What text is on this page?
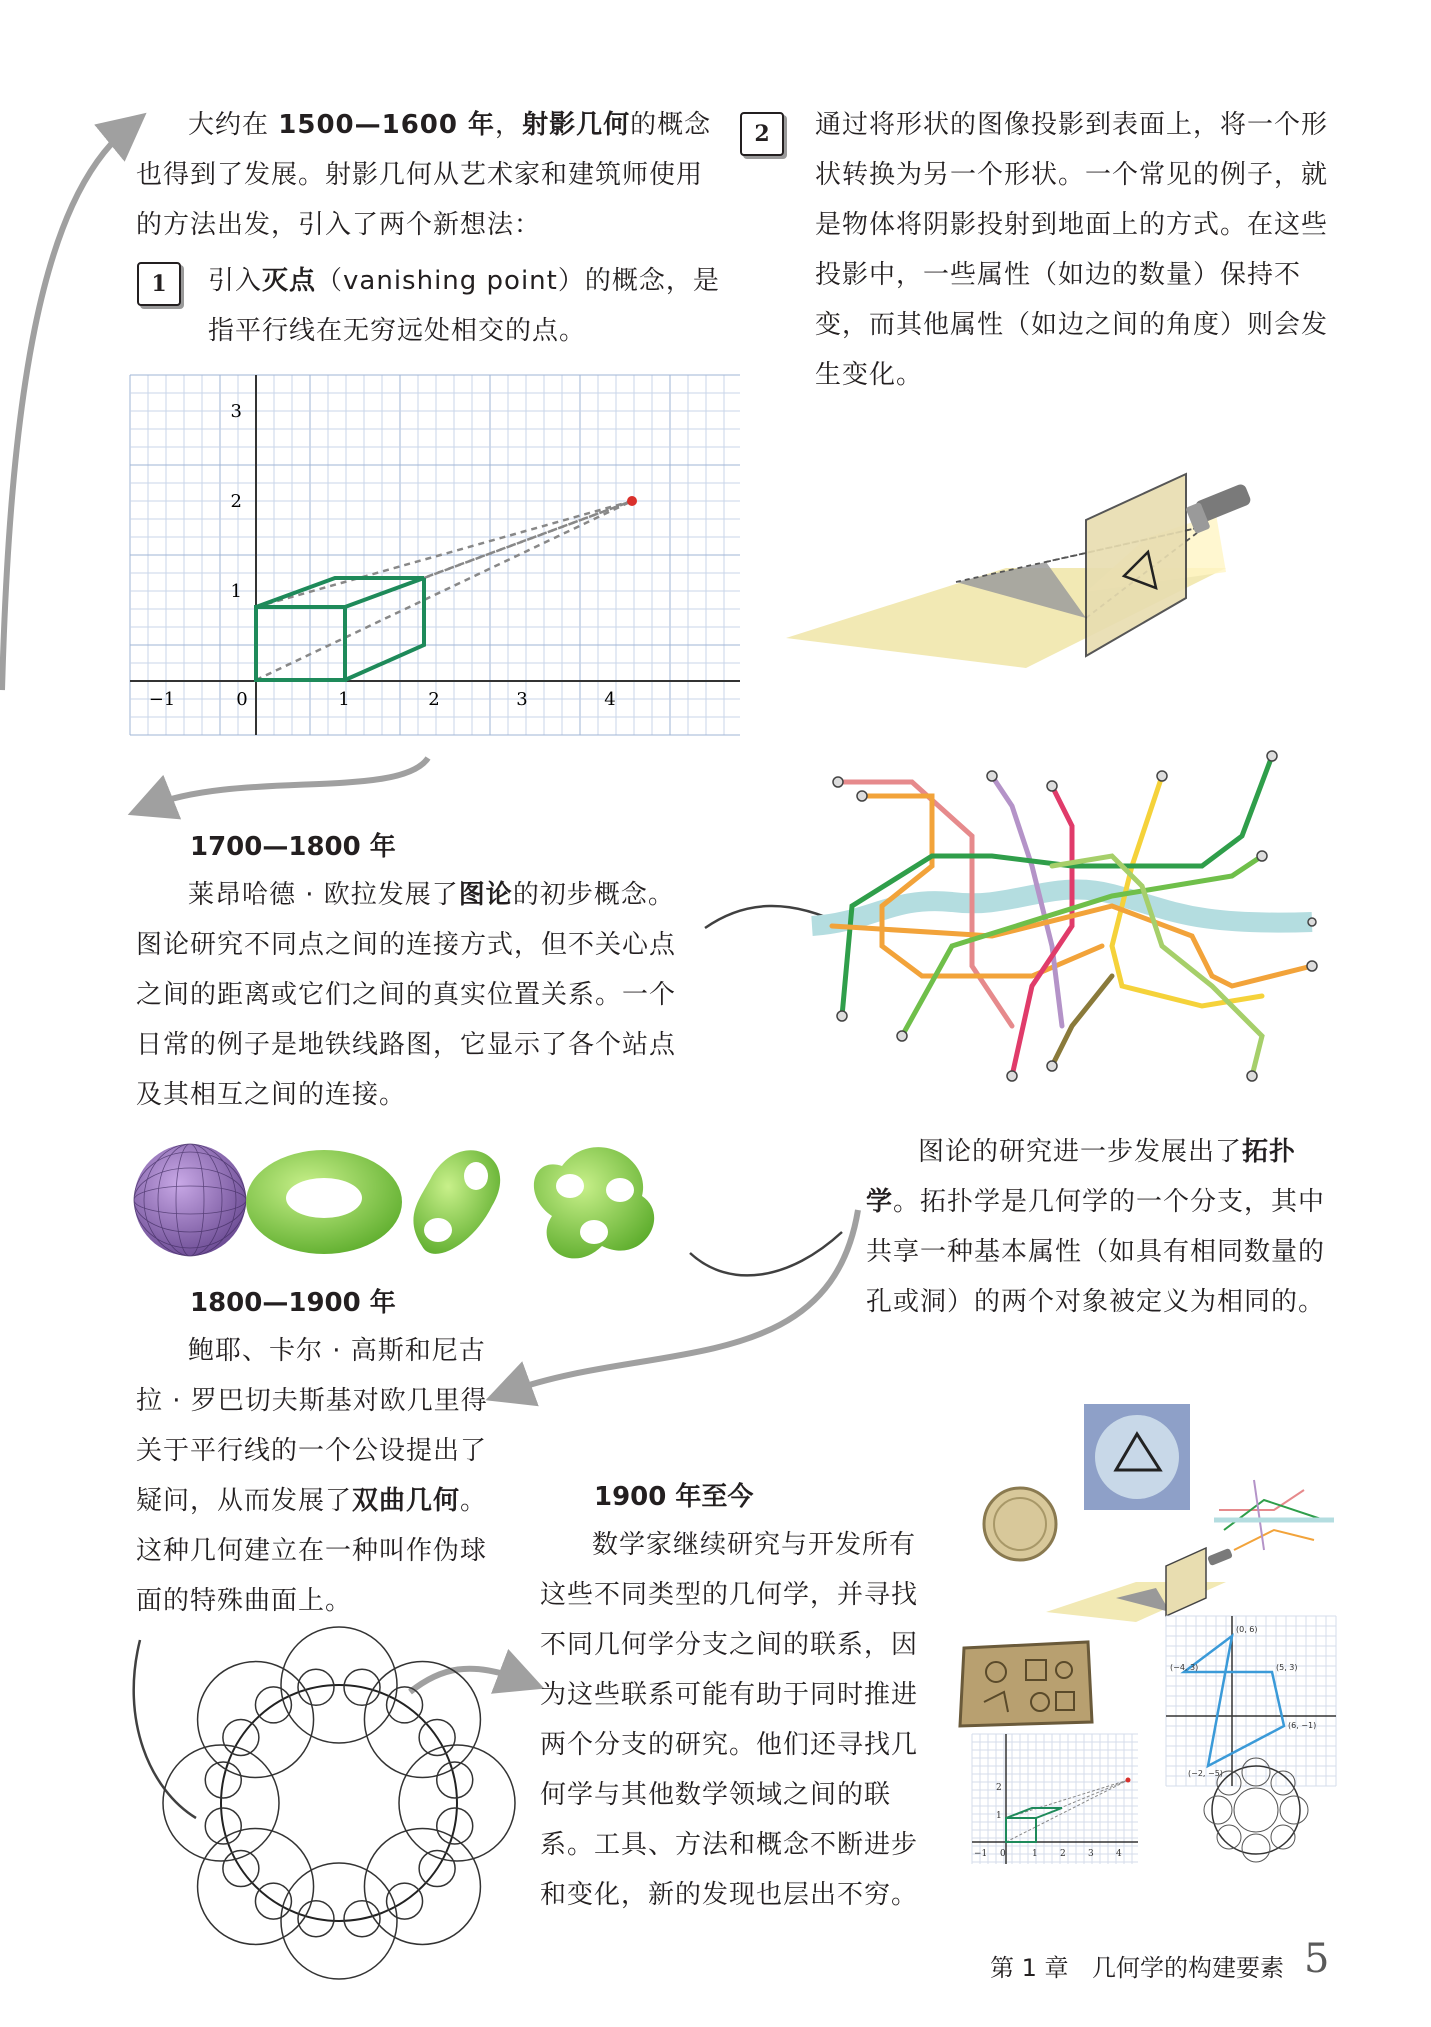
大约在 1500—1600 年，射影几何的概念也得到了发展。射影几何从艺术家和建筑师使用的方法出发，引入了两个新想法：
1	引入灭点（vanishing point）的概念，是指平行线在无穷远处相交的点。
2	通过将形状的图像投影到表面上，将一个形状转换为另一个形状。一个常见的例子，就是物体将阴影投射到地面上的方式。在这些投影中，一些属性（如边的数量）保持不变，而其他属性（如边之间的角度）则会发生变化。
−1	0	1	2	3	4
1
2
3
1700—1800 年
莱昂哈德 · 欧拉发展了图论的初步概念。图论研究不同点之间的连接方式，但不关心点之间的距离或它们之间的真实位置关系。一个日常的例子是地铁线路图，它显示了各个站点及其相互之间的连接。
图论的研究进一步发展出了拓扑学。拓扑学是几何学的一个分支，其中共享一种基本属性（如具有相同数量的孔或洞）的两个对象被定义为相同的。
1800—1900 年
鲍耶、卡尔 · 高斯和尼古拉 · 罗巴切夫斯基对欧几里得关于平行线的一个公设提出了疑问，从而发展了双曲几何。这种几何建立在一种叫作伪球面的特殊曲面上。
1900 年至今
数学家继续研究与开发所有这些不同类型的几何学，并寻找不同几何学分支之间的联系，因为这些联系可能有助于同时推进两个分支的研究。他们还寻找几何学与其他数学领域之间的联系。工具、方法和概念不断进步和变化，新的发现也层出不穷。
(0, 6)
(−4, 3)	(5, 3)
(6, −1)
(−2, −5)
−1 0	1 2 3 4
1
2
第 1 章 几何学的构建要素 5
